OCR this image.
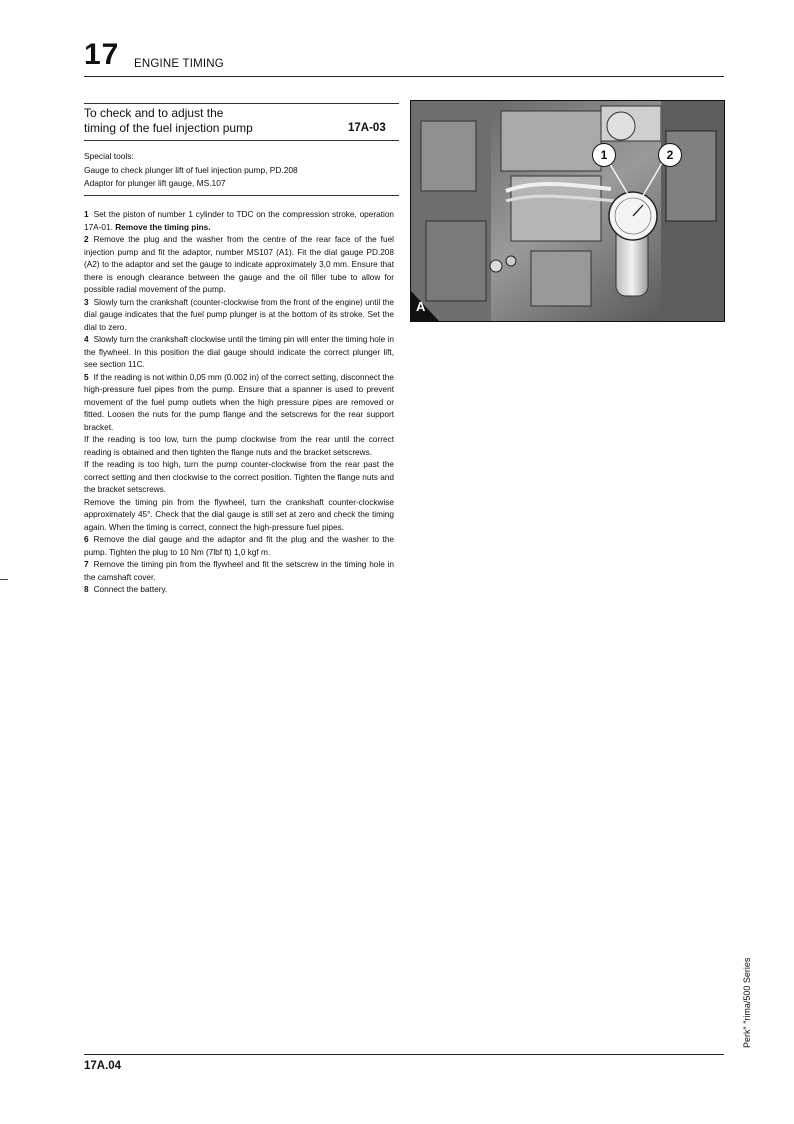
17 ENGINE TIMING
To check and to adjust the
timing of the fuel injection pump	17A-03
Special tools:
Gauge to check plunger lift of fuel injection pump, PD.208
Adaptor for plunger lift gauge, MS.107

1 Set the piston of number 1 cylinder to TDC on the compression stroke, operation 17A-01. Remove the timing pins.

2 Remove the plug and the washer from the centre of the rear face of the fuel injection pump and fit the adaptor, number MS107 (A1). Fit the dial gauge PD.208 (A2) to the adaptor and set the gauge to indicate approximately 3,0 mm. Ensure that there is enough clearance between the gauge and the oil filler tube to allow for possible radial movement of the pump.

3 Slowly turn the crankshaft (counter-clockwise from the front of the engine) until the dial gauge indicates that the fuel pump plunger is at the bottom of its stroke. Set the dial to zero.

4 Slowly turn the crankshaft clockwise until the timing pin will enter the timing hole in the flywheel. In this position the dial gauge should indicate the correct plunger lift, see section 11C.

5 If the reading is not within 0,05 mm (0.002 in) of the correct setting, disconnect the high-pressure fuel pipes from the pump. Ensure that a spanner is used to prevent movement of the fuel pump outlets when the high pressure pipes are removed or fitted. Loosen the nuts for the pump flange and the setscrews for the rear support bracket.

If the reading is too low, turn the pump clockwise from the rear until the correct reading is obtained and then tighten the flange nuts and the bracket setscrews.

If the reading is too high, turn the pump counter-clockwise from the rear past the correct setting and then clockwise to the correct position. Tighten the flange nuts and the bracket setscrews.

Remove the timing pin from the flywheel, turn the crankshaft counter-clockwise approximately 45°. Check that the dial gauge is still set at zero and check the timing again. When the timing is correct, connect the high-pressure fuel pipes.

6 Remove the dial gauge and the adaptor and fit the plug and the washer to the pump. Tighten the plug to 10 Nm (7lbf ft) 1,0 kgf m.

7 Remove the timing pin from the flywheel and fit the setscrew in the timing hole in the camshaft cover.

8 Connect the battery.

1	2
A
17A.04
Perk″ ″rima/500 Series
